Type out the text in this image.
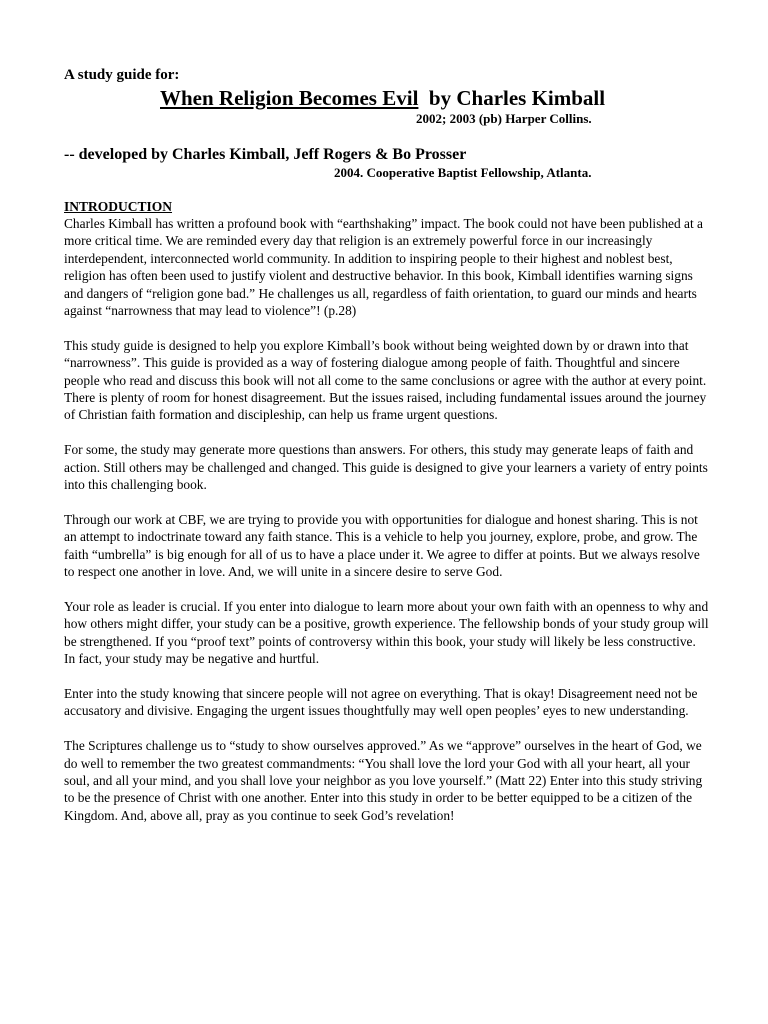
A study guide for:

When Religion Becomes Evil by Charles Kimball

2002; 2003 (pb) Harper Collins.

-- developed by Charles Kimball, Jeff Rogers & Bo Prosser

2004. Cooperative Baptist Fellowship, Atlanta.

INTRODUCTION

Charles Kimball has written a profound book with “earthshaking” impact. The book could not have been published at a more critical time. We are reminded every day that religion is an extremely powerful force in our increasingly interdependent, interconnected world community. In addition to inspiring people to their highest and noblest best, religion has often been used to justify violent and destructive behavior. In this book, Kimball identifies warning signs and dangers of “religion gone bad.” He challenges us all, regardless of faith orientation, to guard our minds and hearts against “narrowness that may lead to violence”! (p.28)

This study guide is designed to help you explore Kimball’s book without being weighted down by or drawn into that “narrowness”. This guide is provided as a way of fostering dialogue among people of faith. Thoughtful and sincere people who read and discuss this book will not all come to the same conclusions or agree with the author at every point. There is plenty of room for honest disagreement. But the issues raised, including fundamental issues around the journey of Christian faith formation and discipleship, can help us frame urgent questions.

For some, the study may generate more questions than answers. For others, this study may generate leaps of faith and action. Still others may be challenged and changed. This guide is designed to give your learners a variety of entry points into this challenging book.

Through our work at CBF, we are trying to provide you with opportunities for dialogue and honest sharing. This is not an attempt to indoctrinate toward any faith stance. This is a vehicle to help you journey, explore, probe, and grow. The faith “umbrella” is big enough for all of us to have a place under it. We agree to differ at points. But we always resolve to respect one another in love. And, we will unite in a sincere desire to serve God.

Your role as leader is crucial. If you enter into dialogue to learn more about your own faith with an openness to why and how others might differ, your study can be a positive, growth experience. The fellowship bonds of your study group will be strengthened. If you “proof text” points of controversy within this book, your study will likely be less constructive. In fact, your study may be negative and hurtful.

Enter into the study knowing that sincere people will not agree on everything. That is okay! Disagreement need not be accusatory and divisive. Engaging the urgent issues thoughtfully may well open peoples’ eyes to new understanding.

The Scriptures challenge us to “study to show ourselves approved.” As we “approve” ourselves in the heart of God, we do well to remember the two greatest commandments: “You shall love the lord your God with all your heart, all your soul, and all your mind, and you shall love your neighbor as you love yourself.” (Matt 22) Enter into this study striving to be the presence of Christ with one another. Enter into this study in order to be better equipped to be a citizen of the Kingdom. And, above all, pray as you continue to seek God’s revelation!
